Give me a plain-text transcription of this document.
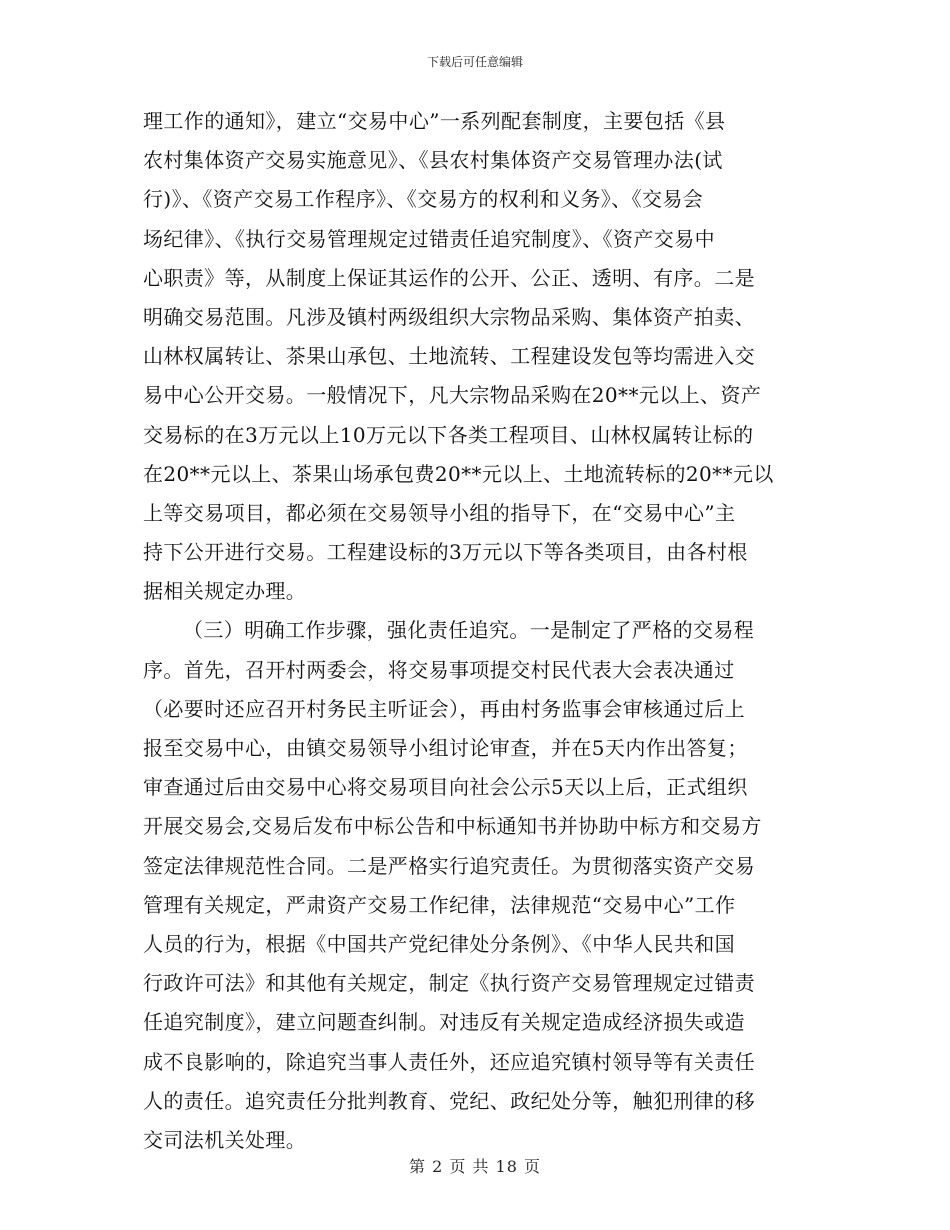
下载后可任意编辑
理工作的通知》，建立“交易中心”一系列配套制度，主要包括《县
农村集体资产交易实施意见》、《县农村集体资产交易管理办法(试
行)》、《资产交易工作程序》、《交易方的权利和义务》、《交易会
场纪律》、《执行交易管理规定过错责任追究制度》、《资产交易中
心职责》等，从制度上保证其运作的公开、公正、透明、有序。二是
明确交易范围。凡涉及镇村两级组织大宗物品采购、集体资产拍卖、
山林权属转让、茶果山承包、土地流转、工程建设发包等均需进入交
易中心公开交易。一般情况下，凡大宗物品采购在20**元以上、资产
交易标的在3万元以上10万元以下各类工程项目、山林权属转让标的
在20**元以上、茶果山场承包费20**元以上、土地流转标的20**元以
上等交易项目，都必须在交易领导小组的指导下，在“交易中心”主
持下公开进行交易。工程建设标的3万元以下等各类项目，由各村根
据相关规定办理。
（三）明确工作步骤，强化责任追究。一是制定了严格的交易程
序。首先，召开村两委会，将交易事项提交村民代表大会表决通过
（必要时还应召开村务民主听证会），再由村务监事会审核通过后上
报至交易中心，由镇交易领导小组讨论审查，并在5天内作出答复；
审查通过后由交易中心将交易项目向社会公示5天以上后，正式组织
开展交易会,交易后发布中标公告和中标通知书并协助中标方和交易方
签定法律规范性合同。二是严格实行追究责任。为贯彻落实资产交易
管理有关规定，严肃资产交易工作纪律，法律规范“交易中心”工作
人员的行为，根据《中国共产党纪律处分条例》、《中华人民共和国
行政许可法》和其他有关规定，制定《执行资产交易管理规定过错责
任追究制度》，建立问题查纠制。对违反有关规定造成经济损失或造
成不良影响的，除追究当事人责任外，还应追究镇村领导等有关责任
人的责任。追究责任分批判教育、党纪、政纪处分等，触犯刑律的移
交司法机关处理。
第 2 页 共 18 页
